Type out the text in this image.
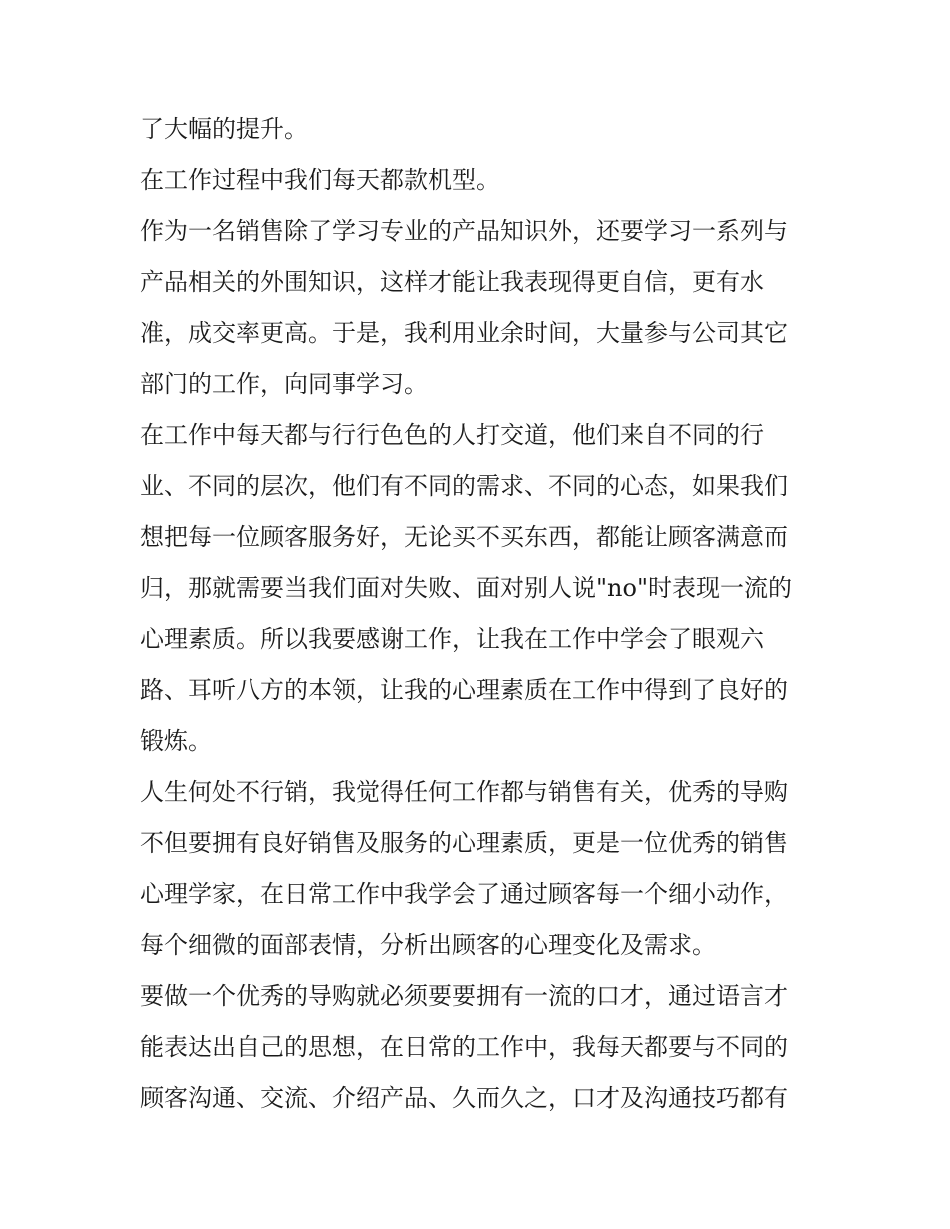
了大幅的提升。
在工作过程中我们每天都款机型。
作为一名销售除了学习专业的产品知识外，还要学习一系列与
产品相关的外围知识，这样才能让我表现得更自信，更有水
准，成交率更高。于是，我利用业余时间，大量参与公司其它
部门的工作，向同事学习。
在工作中每天都与行行色色的人打交道，他们来自不同的行
业、不同的层次，他们有不同的需求、不同的心态，如果我们
想把每一位顾客服务好，无论买不买东西，都能让顾客满意而
归，那就需要当我们面对失败、面对别人说"no"时表现一流的
心理素质。所以我要感谢工作，让我在工作中学会了眼观六
路、耳听八方的本领，让我的心理素质在工作中得到了良好的
锻炼。
人生何处不行销，我觉得任何工作都与销售有关，优秀的导购
不但要拥有良好销售及服务的心理素质，更是一位优秀的销售
心理学家，在日常工作中我学会了通过顾客每一个细小动作，
每个细微的面部表情，分析出顾客的心理变化及需求。
要做一个优秀的导购就必须要要拥有一流的口才，通过语言才
能表达出自己的思想，在日常的工作中，我每天都要与不同的
顾客沟通、交流、介绍产品、久而久之，口才及沟通技巧都有
